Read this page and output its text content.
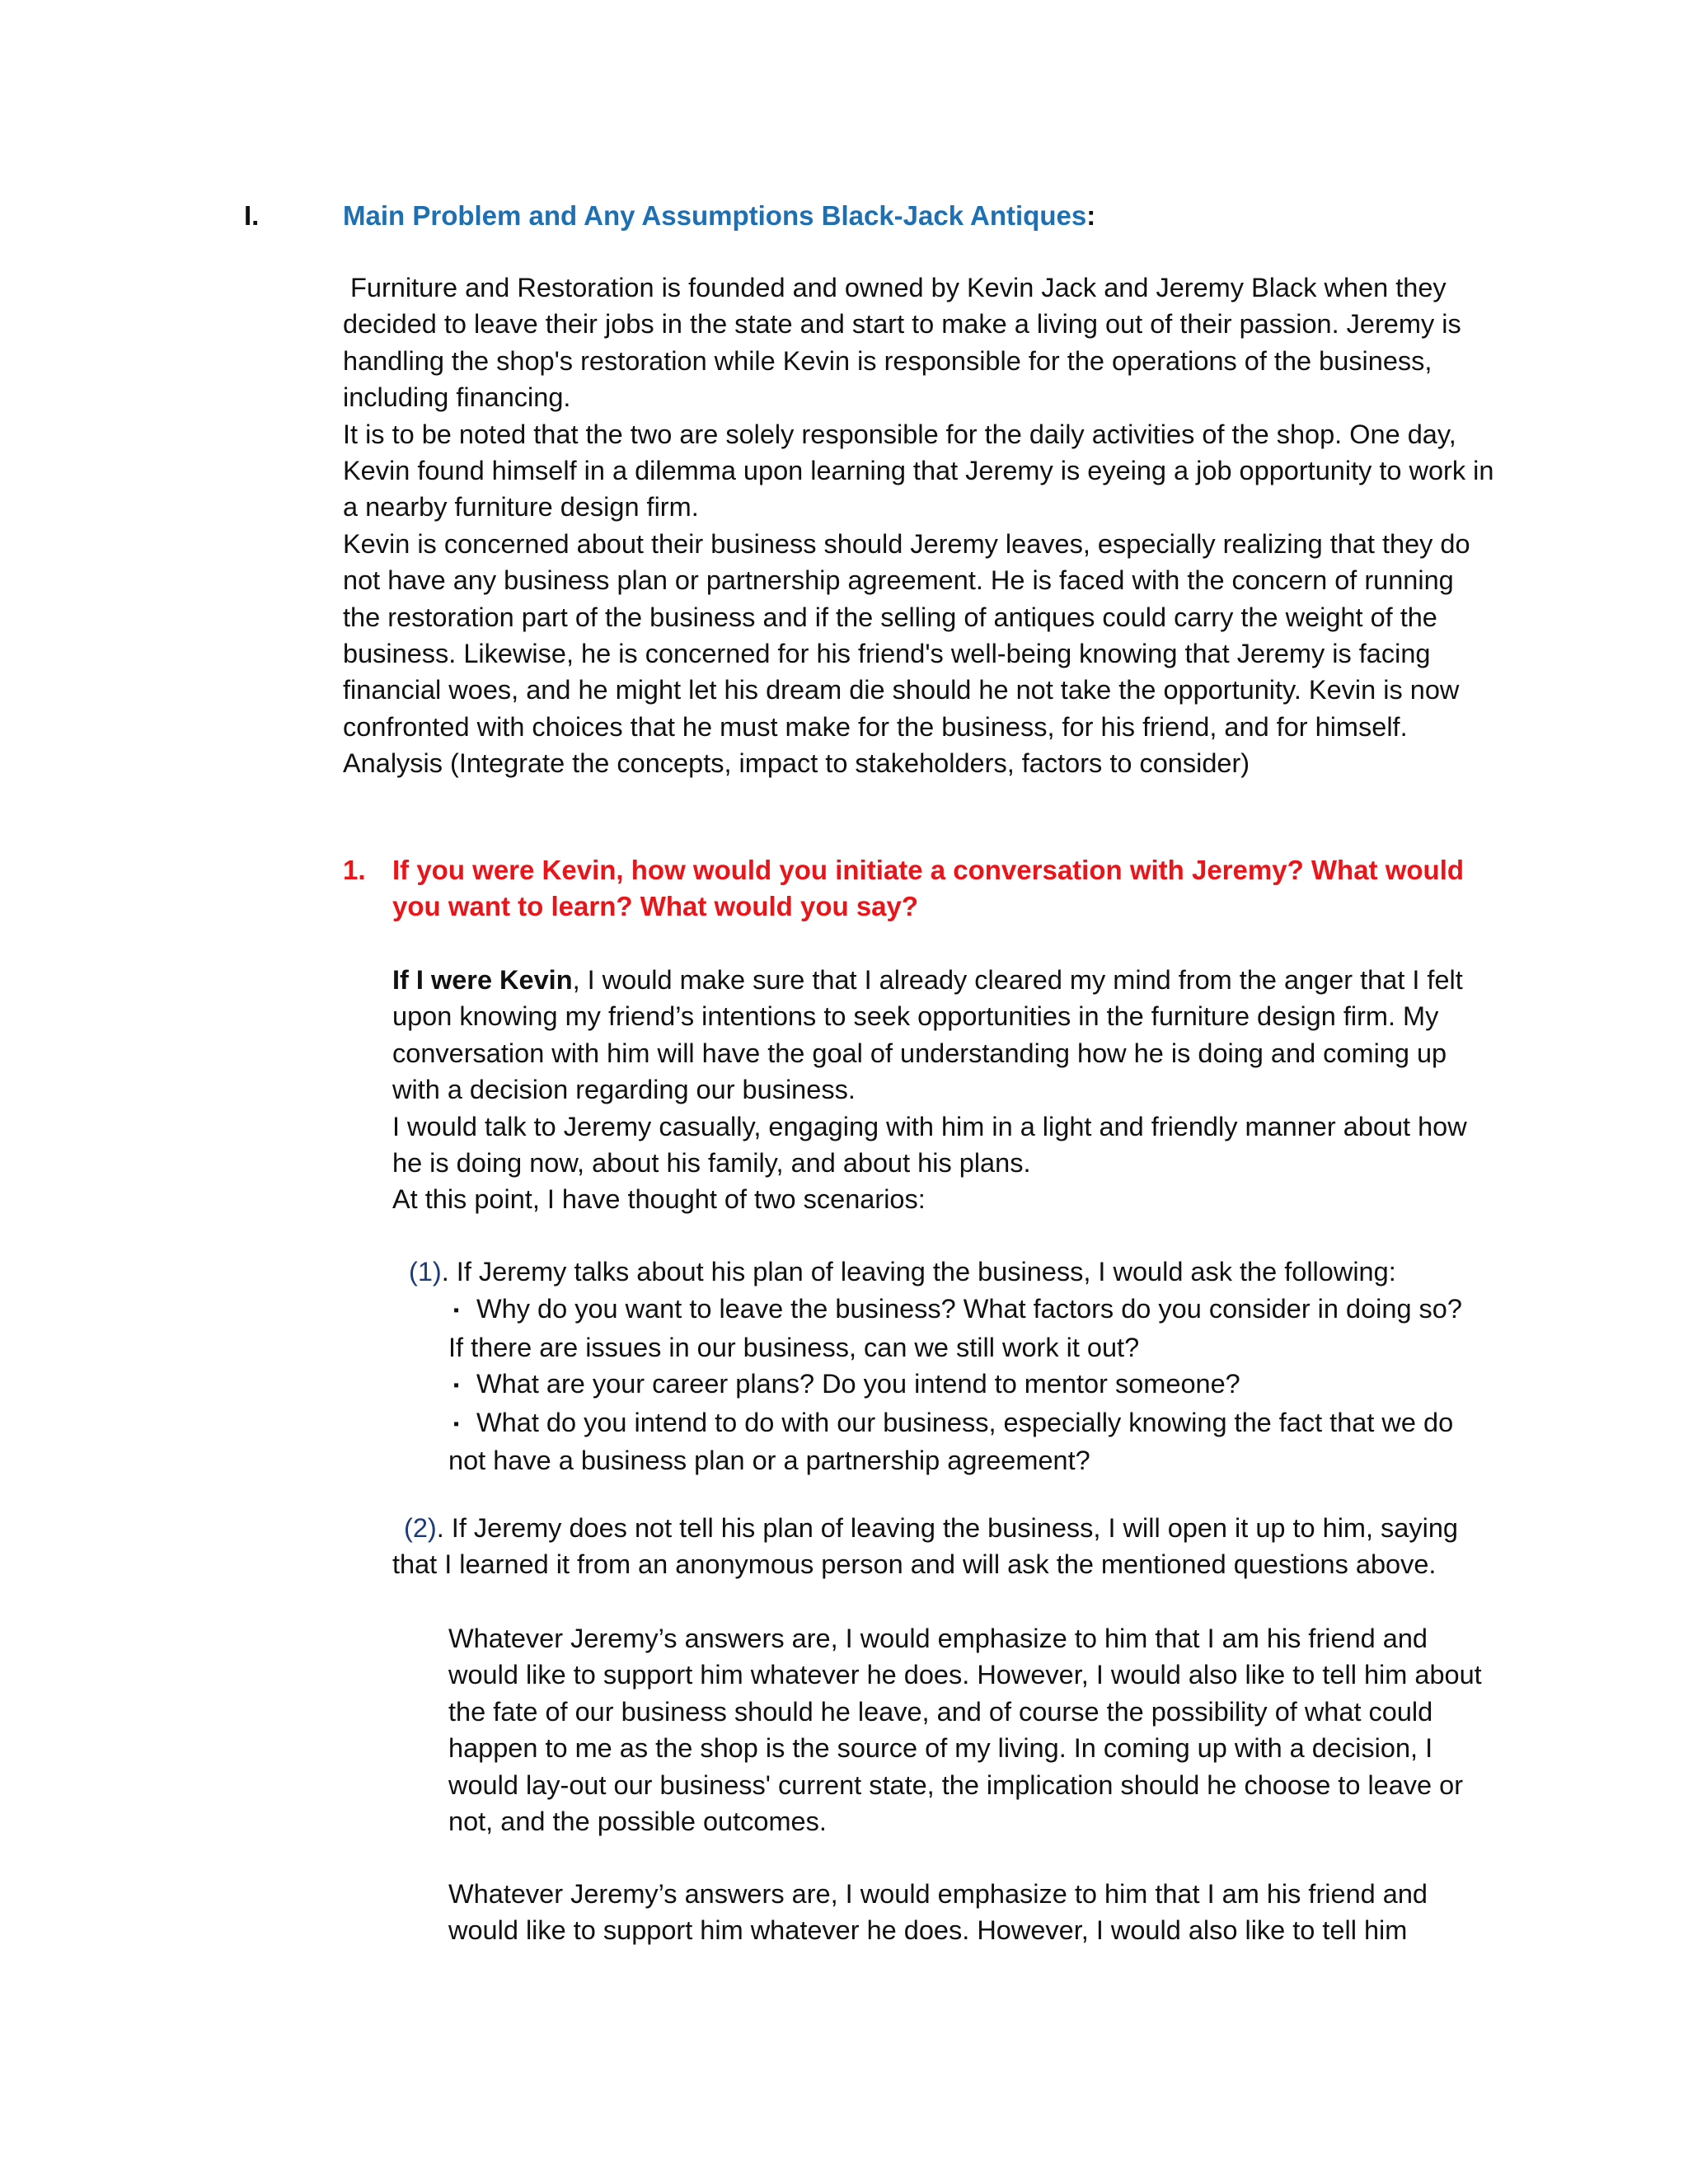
I.	Main Problem and Any Assumptions Black-Jack Antiques:

Furniture and Restoration is founded and owned by Kevin Jack and Jeremy Black when they decided to leave their jobs in the state and start to make a living out of their passion. Jeremy is handling the shop's restoration while Kevin is responsible for the operations of the business, including financing.

It is to be noted that the two are solely responsible for the daily activities of the shop. One day, Kevin found himself in a dilemma upon learning that Jeremy is eyeing a job opportunity to work in a nearby furniture design firm.

Kevin is concerned about their business should Jeremy leaves, especially realizing that they do not have any business plan or partnership agreement. He is faced with the concern of running the restoration part of the business and if the selling of antiques could carry the weight of the business. Likewise, he is concerned for his friend's well-being knowing that Jeremy is facing financial woes, and he might let his dream die should he not take the opportunity. Kevin is now confronted with choices that he must make for the business, for his friend, and for himself.

Analysis (Integrate the concepts, impact to stakeholders, factors to consider)

1. If you were Kevin, how would you initiate a conversation with Jeremy? What would you want to learn? What would you say?

If I were Kevin, I would make sure that I already cleared my mind from the anger that I felt upon knowing my friend’s intentions to seek opportunities in the furniture design firm. My conversation with him will have the goal of understanding how he is doing and coming up with a decision regarding our business.

I would talk to Jeremy casually, engaging with him in a light and friendly manner about how he is doing now, about his family, and about his plans.

At this point, I have thought of two scenarios:

(1). If Jeremy talks about his plan of leaving the business, I would ask the following:

▪ Why do you want to leave the business? What factors do you consider in doing so? If there are issues in our business, can we still work it out?

▪ What are your career plans? Do you intend to mentor someone?

▪ What do you intend to do with our business, especially knowing the fact that we do not have a business plan or a partnership agreement?

(2). If Jeremy does not tell his plan of leaving the business, I will open it up to him, saying that I learned it from an anonymous person and will ask the mentioned questions above.

Whatever Jeremy’s answers are, I would emphasize to him that I am his friend and would like to support him whatever he does. However, I would also like to tell him about the fate of our business should he leave, and of course the possibility of what could happen to me as the shop is the source of my living. In coming up with a decision, I would lay-out our business' current state, the implication should he choose to leave or not, and the possible outcomes.

Whatever Jeremy’s answers are, I would emphasize to him that I am his friend and would like to support him whatever he does. However, I would also like to tell him
